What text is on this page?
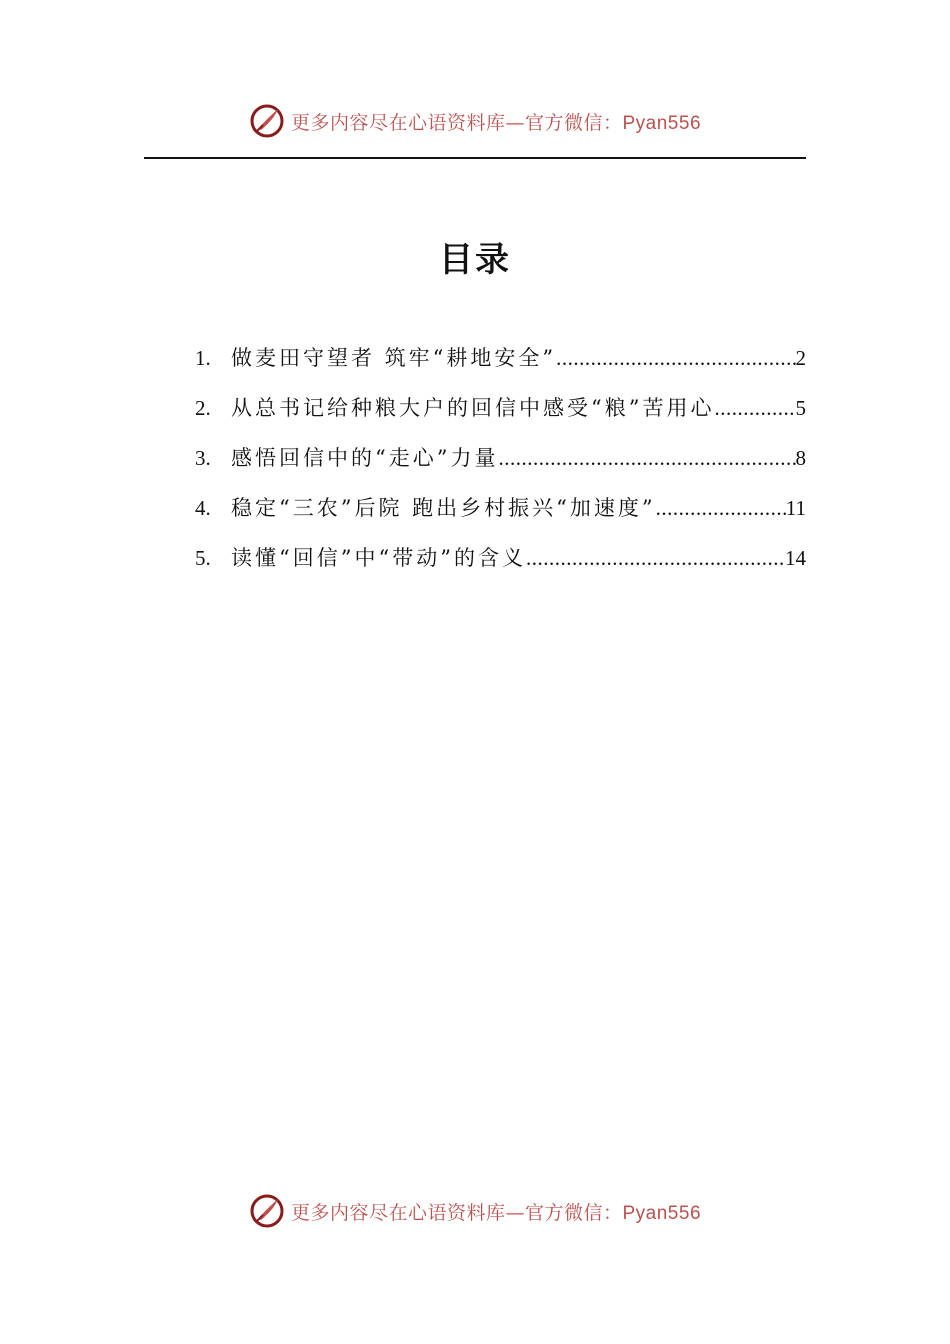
更多内容尽在心语资料库—官方微信：Pyan556
目录
1. 做麦田守望者 筑牢“耕地安全” .....	2
2. 从总书记给种粮大户的回信中感受“粮”苦用心 .....	5
3. 感悟回信中的“走心”力量 .....	8
4. 稳定“三农”后院 跑出乡村振兴“加速度” .....	11
5. 读懂“回信”中“带动”的含义 .....	14
更多内容尽在心语资料库—官方微信：Pyan556
